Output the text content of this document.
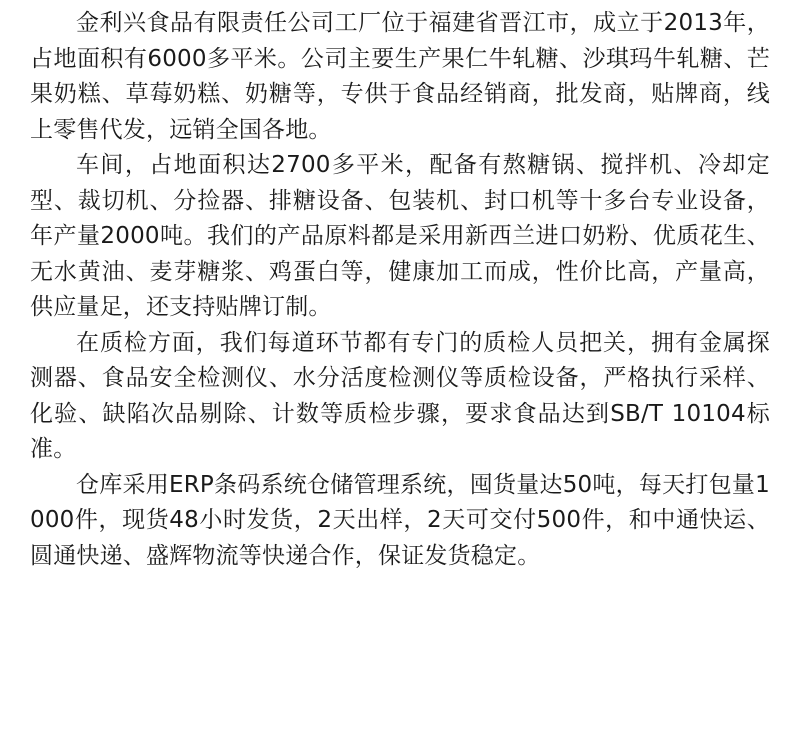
金利兴食品有限责任公司工厂位于福建省晋江市，成立于2013年，占地面积有6000多平米。公司主要生产果仁牛轧糖、沙琪玛牛轧糖、芒果奶糕、草莓奶糕、奶糖等，专供于食品经销商，批发商，贴牌商，线上零售代发，远销全国各地。

车间，占地面积达2700多平米，配备有熬糖锅、搅拌机、冷却定型、裁切机、分捡器、排糖设备、包装机、封口机等十多台专业设备，年产量2000吨。我们的产品原料都是采用新西兰进口奶粉、优质花生、无水黄油、麦芽糖浆、鸡蛋白等，健康加工而成，性价比高，产量高，供应量足，还支持贴牌订制。

在质检方面，我们每道环节都有专门的质检人员把关，拥有金属探测器、食品安全检测仪、水分活度检测仪等质检设备，严格执行采样、化验、缺陷次品剔除、计数等质检步骤，要求食品达到SB/T 10104标准。

仓库采用ERP条码系统仓储管理系统，囤货量达50吨，每天打包量1000件，现货48小时发货，2天出样，2天可交付500件，和中通快运、圆通快递、盛辉物流等快递合作，保证发货稳定。
